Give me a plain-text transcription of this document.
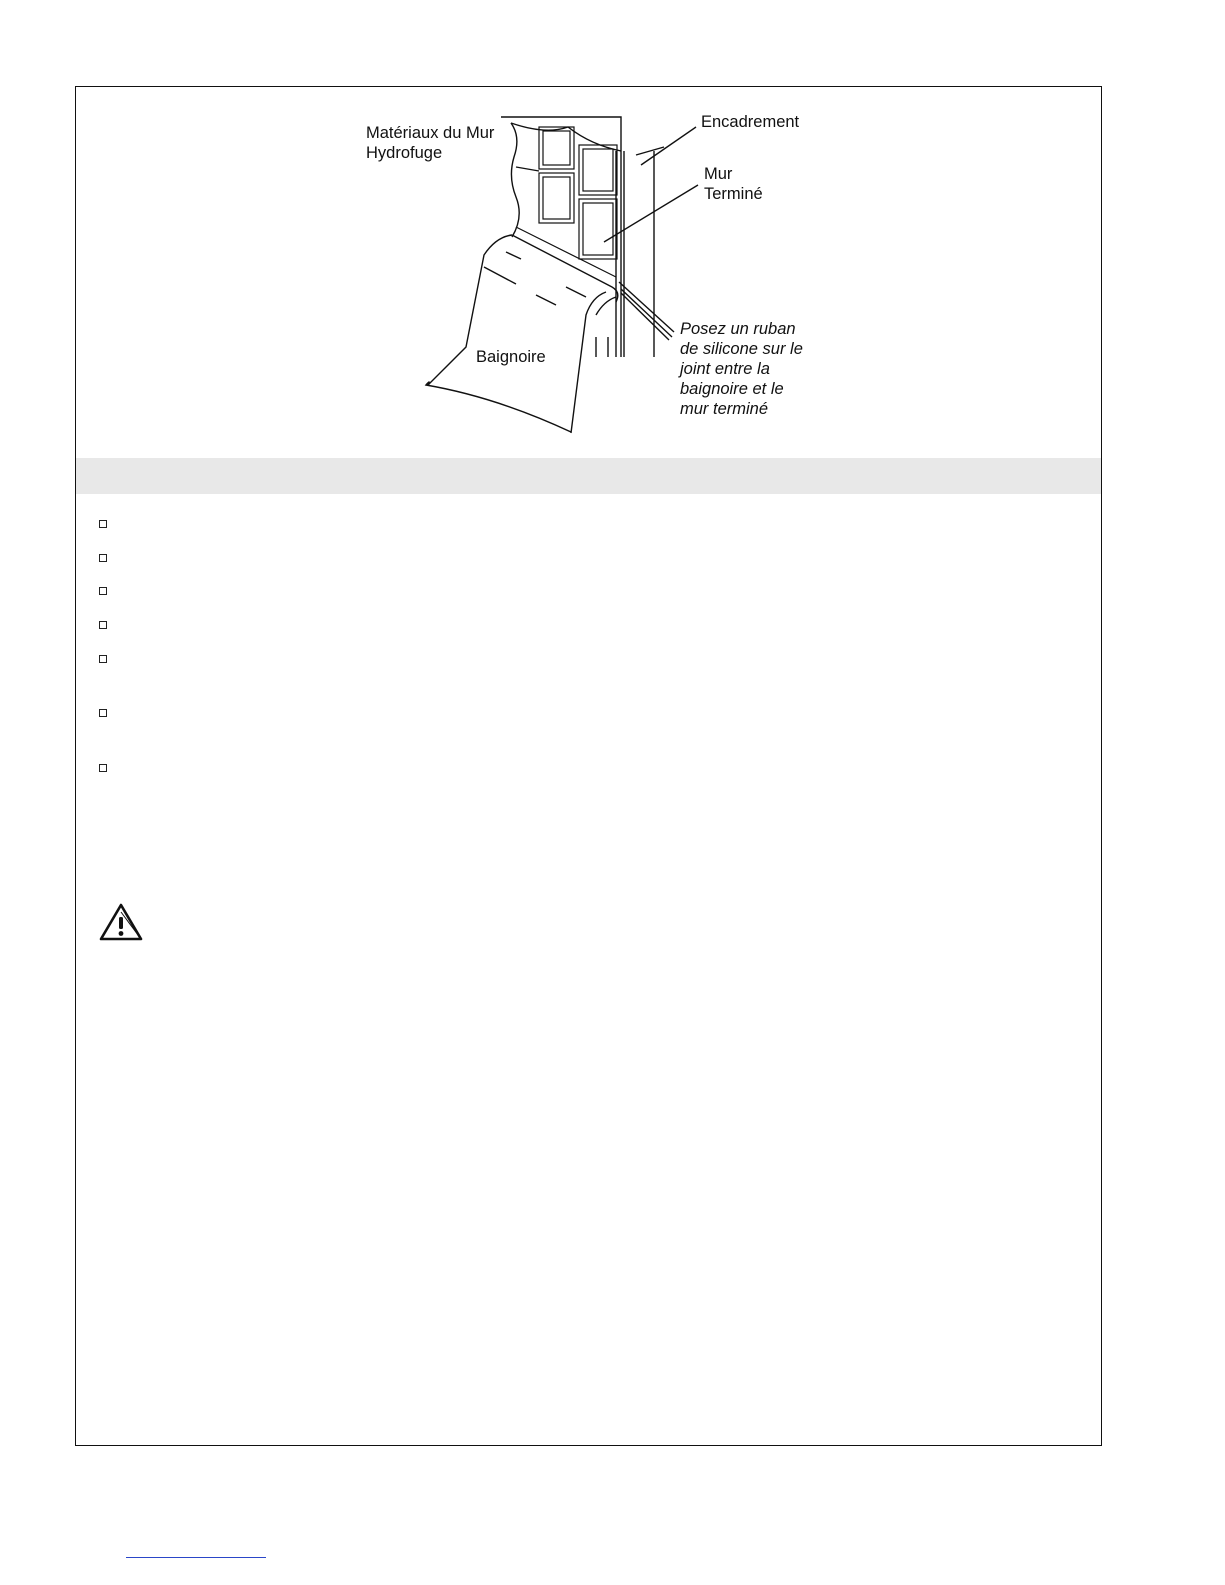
Matériaux du Mur
Hydrofuge
Encadrement
Mur
Terminé
Baignoire
Posez un ruban
de silicone sur le
joint entre la
baignoire et le
mur terminé
